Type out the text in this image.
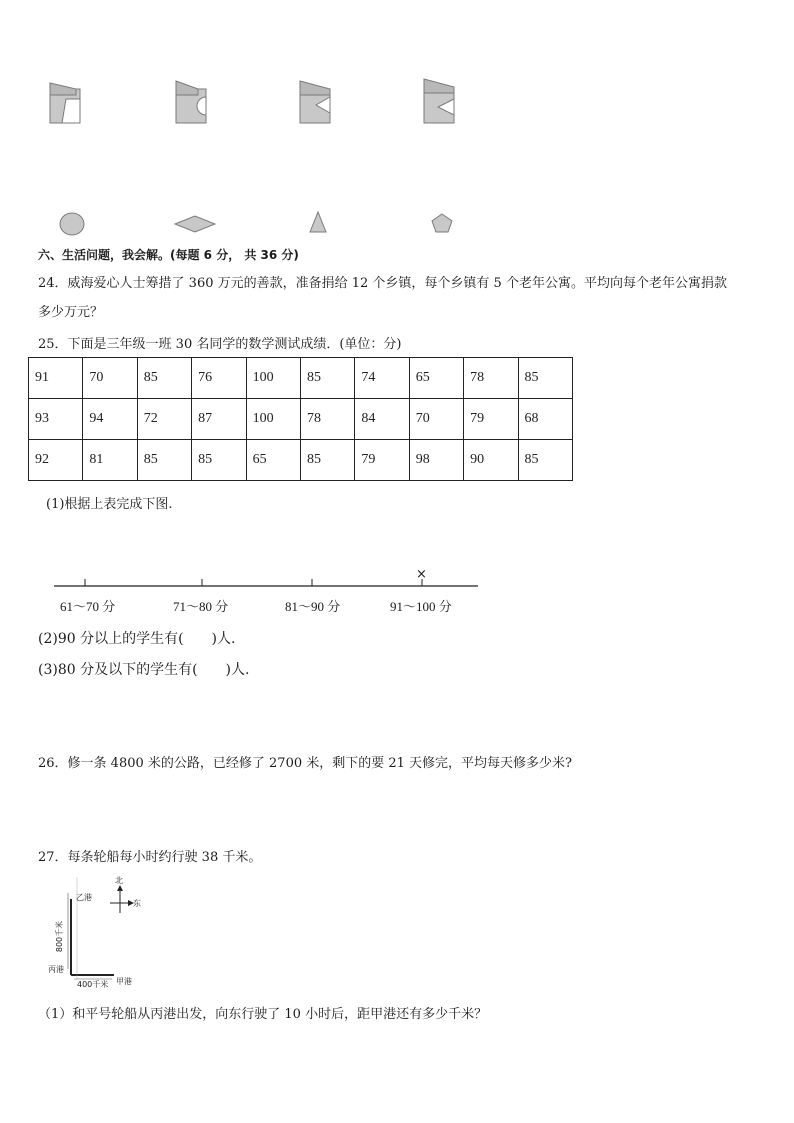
六、生活问题，我会解。(每题 6 分， 共 36 分)
24．威海爱心人士筹措了 360 万元的善款，准备捐给 12 个乡镇，每个乡镇有 5 个老年公寓。平均向每个老年公寓捐款
多少万元？
25．下面是三年级一班 30 名同学的数学测试成绩．(单位：分)
91	70	85	76	100	85	74	65	78	85
93	94	72	87	100	78	84	70	79	68
92	81	85	85	65	85	79	98	90	85
(1)根据上表完成下图.
×
61～70 分	71～80 分	81～90 分	91～100 分
(2)90 分以上的学生有(　　)人.
(3)80 分及以下的学生有(　　)人.
26．修一条 4800 米的公路，已经修了 2700 米，剩下的要 21 天修完，平均每天修多少米?
27．每条轮船每小时约行驶 38 千米。
北
东
乙港
丙港
甲港
800千米
400千米
（1）和平号轮船从丙港出发，向东行驶了 10 小时后，距甲港还有多少千米？
